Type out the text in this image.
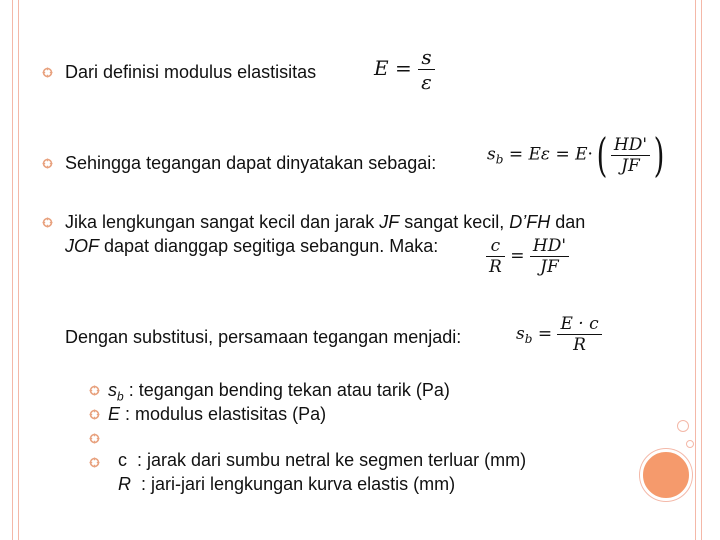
Dari definisi modulus elastisitas	$E = \frac{s}{\varepsilon}$
Sehingga tegangan dapat dinyatakan sebagai:	$s_b = E\varepsilon = E\cdot( \frac{HD'}{JF}$ )
Jika lengkungan sangat kecil dan jarak JF sangat kecil, D’FH dan
JOF dapat dianggap segitiga sebangun. Maka:	$\frac{c}{R} = \frac{HD'}{JF}$
Dengan substitusi, persamaan tegangan menjadi:	$s_b = \frac{E \cdot c}{R}$
$s_b$ : tegangan bending tekan atau tarik (Pa)
E : modulus elastisitas (Pa)

c  : jarak dari sumbu netral ke segmen terluar (mm)

R  : jari-jari lengkungan kurva elastis (mm)
